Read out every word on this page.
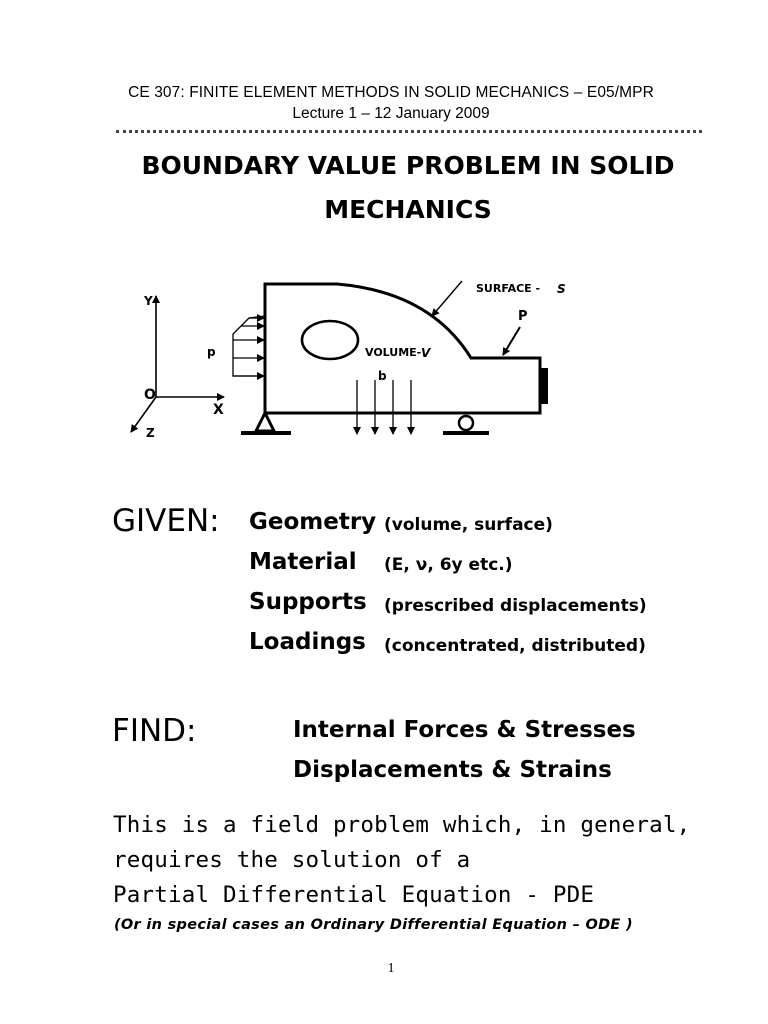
CE 307: FINITE ELEMENT METHODS IN SOLID MECHANICS – E05/MPR
Lecture 1 – 12 January 2009
BOUNDARY VALUE PROBLEM IN SOLID
MECHANICS
Y
X
Z
O
p	VOLUME- V
b
SURFACE - S
P
GIVEN: Geometry (volume, surface)
Material (E, ν, 6y etc.)
Supports (prescribed displacements)
Loadings (concentrated, distributed)
FIND:	Internal Forces & Stresses
Displacements & Strains
This is a field problem which, in general,
requires the solution of a
Partial Differential Equation - PDE
(Or in special cases an Ordinary Differential Equation – ODE )
1
